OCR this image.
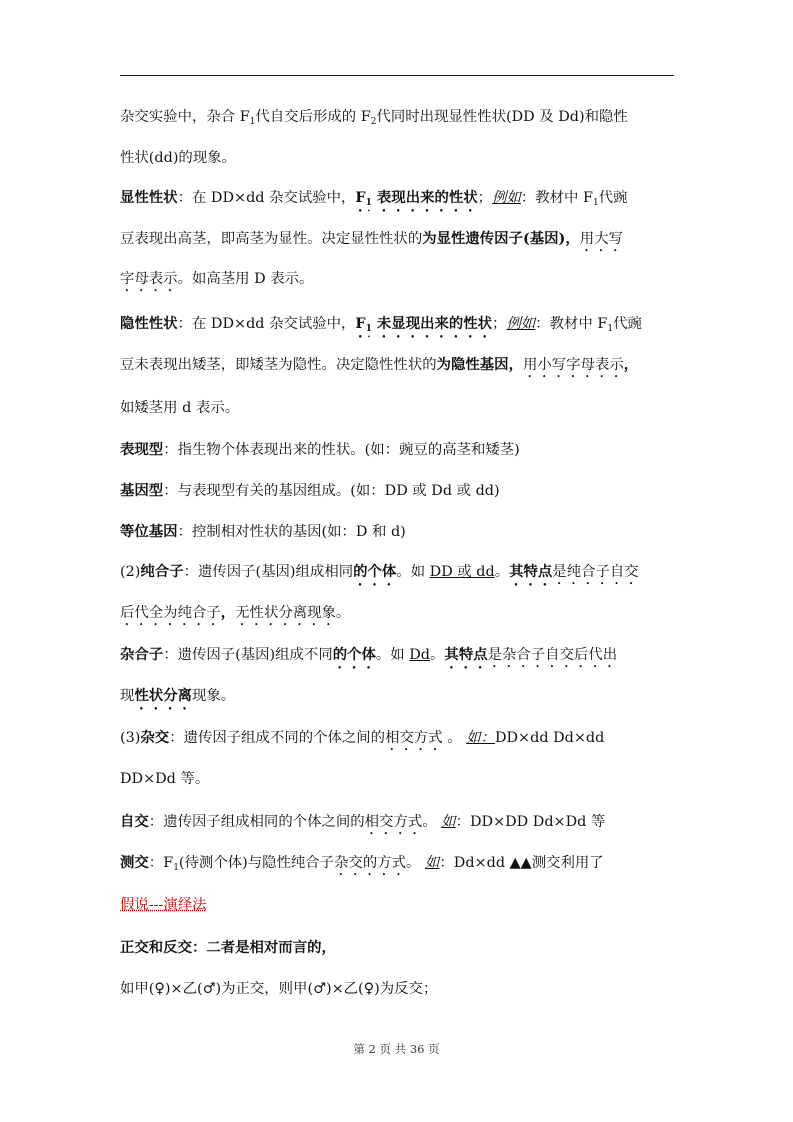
杂交实验中，杂合 $F_1$代自交后形成的 $F_2$代同时出现显性性状(DD 及 Dd)和隐性
性状(dd)的现象。
显性性状：在 DD×dd 杂交试验中，$F_1$ 表现出来的性状；例如：教材中 $F_1$代豌
豆表现出高茎，即高茎为显性。决定显性性状的为显性遗传因子(基因)，用大写
字母表示。如高茎用 D 表示。
隐性性状：在 DD×dd 杂交试验中，$F_1$ 未显现出来的性状；例如：教材中 $F_1$代豌
豆未表现出矮茎，即矮茎为隐性。决定隐性性状的为隐性基因，用小写字母表示，
如矮茎用 d 表示。
表现型：指生物个体表现出来的性状。(如：豌豆的高茎和矮茎)
基因型：与表现型有关的基因组成。(如：DD 或 Dd 或 dd)
等位基因：控制相对性状的基因(如：D 和 d)
(2)纯合子：遗传因子(基因)组成相同的个体。如 DD 或 dd。其特点是纯合子自交
后代全为纯合子，无性状分离现象。
杂合子：遗传因子(基因)组成不同的个体。如 Dd。其特点是杂合子自交后代出
现性状分离现象。
(3)杂交：遗传因子组成不同的个体之间的相交方式 。 如：DD×dd Dd×dd
DD×Dd 等。
自交：遗传因子组成相同的个体之间的相交方式。 如：DD×DD Dd×Dd 等
测交：$F_1$(待测个体)与隐性纯合子杂交的方式。 如：Dd×dd ▲▲测交利用了
假说---演绎法
正交和反交：二者是相对而言的，
如甲(♀)×乙(♂)为正交，则甲(♂)×乙(♀)为反交；
第 2 页 共 36 页
